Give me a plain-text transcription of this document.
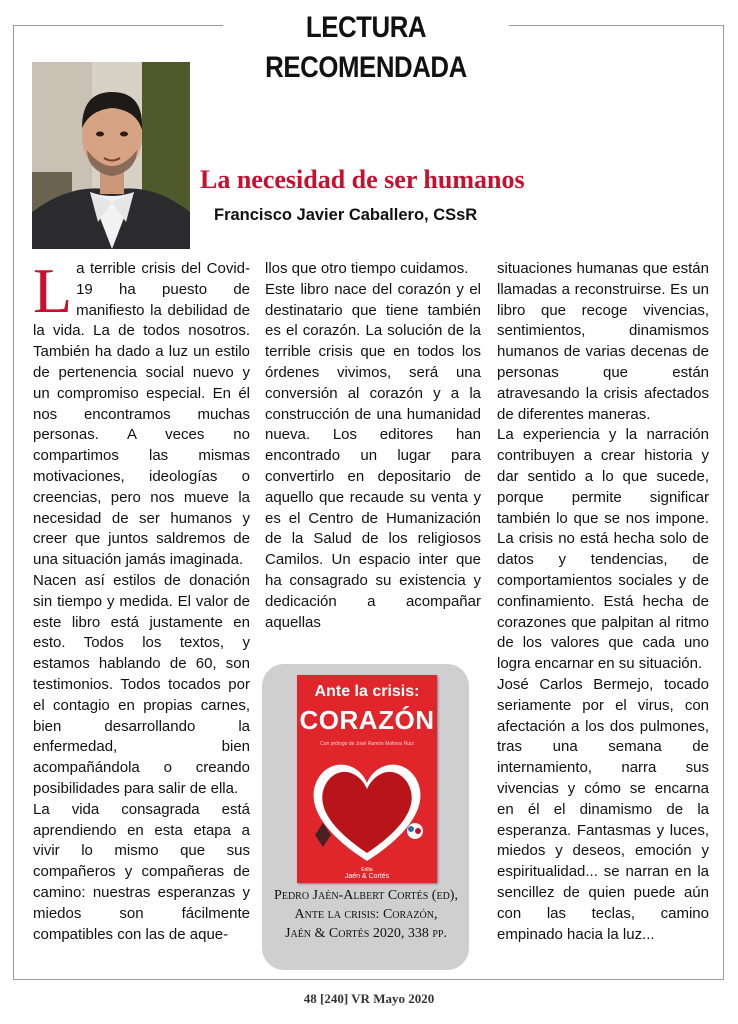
LECTURA RECOMENDADA
La necesidad de ser humanos
Francisco Javier Caballero, CSsR

La terrible crisis del Covid-19 ha puesto de manifiesto la debilidad de la vida. La de todos nosotros. También ha dado a luz un estilo de pertenencia social nuevo y un compromiso especial. En él nos encontramos muchas personas. A veces no compartimos las mismas motivaciones, ideologías o creencias, pero nos mueve la necesidad de ser humanos y creer que juntos saldremos de una situación jamás imaginada.

Nacen así estilos de donación sin tiempo y medida. El valor de este libro está justamente en esto. Todos los textos, y estamos hablando de 60, son testimonios. Todos tocados por el contagio en propias carnes, bien desarrollando la enfermedad, bien acompañándola o creando posibilidades para salir de ella.

La vida consagrada está aprendiendo en esta etapa a vivir lo mismo que sus compañeros y compañeras de camino: nuestras esperanzas y miedos son fácilmente compatibles con las de aque-

llos que otro tiempo cuidamos.

Este libro nace del corazón y el destinatario que tiene también es el corazón. La solución de la terrible crisis que en todos los órdenes vivimos, será una conversión al corazón y a la construcción de una humanidad nueva. Los editores han encontrado un lugar para convertirlo en depositario de aquello que recaude su venta y es el Centro de Humanización de la Salud de los religiosos Camilos. Un espacio inter que ha consagrado su existencia y dedicación a acompañar aquellas

situaciones humanas que están llamadas a reconstruirse. Es un libro que recoge vivencias, sentimientos, dinamismos humanos de varias decenas de personas que están atravesando la crisis afectados de diferentes maneras.

La experiencia y la narración contribuyen a crear historia y dar sentido a lo que sucede, porque permite significar también lo que se nos impone. La crisis no está hecha solo de datos y tendencias, de comportamientos sociales y de confinamiento. Está hecha de corazones que palpitan al ritmo de los valores que cada uno logra encarnar en su situación.

José Carlos Bermejo, tocado seriamente por el virus, con afectación a los dos pulmones, tras una semana de internamiento, narra sus vivencias y cómo se encarna en él el dinamismo de la esperanza. Fantasmas y luces, miedos y deseos, emoción y espiritualidad... se narran en la sencillez de quien puede aún con las teclas, camino empinado hacia la luz...

Ante la crisis:
CORAZÓN
Con prólogo de José Ramón Molinos Ruiz
Edita
Jaén & Cortés
Pedro Jaén-Albert Cortés (ed),
Ante la crisis: Corazón,
Jaén & Cortés 2020, 338 pp.
48 [240] VR Mayo 2020
